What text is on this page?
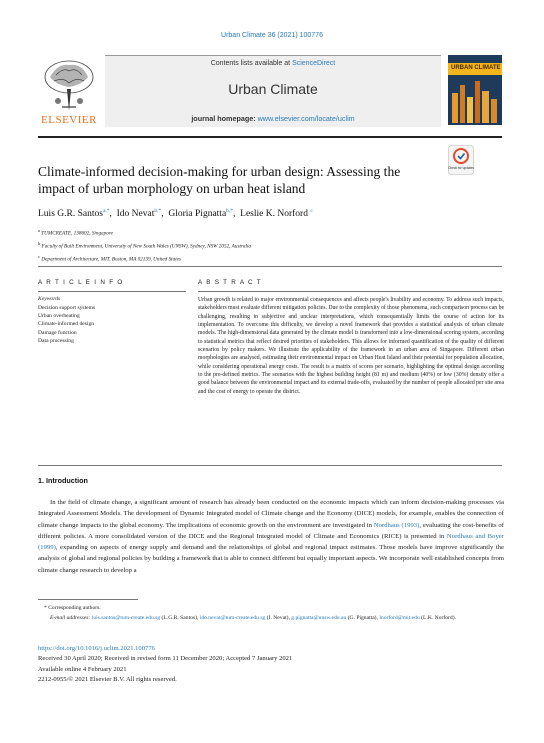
Urban Climate 36 (2021) 100776
Contents lists available at ScienceDirect
Urban Climate
journal homepage: www.elsevier.com/locate/uclim
ELSEVIER
URBAN CLIMATE
Climate-informed decision-making for urban design: Assessing the impact of urban morphology on urban heat island
Check for updates
Luis G.R. Santos$^{a,*}$,  Ido Nevat$^{b,*}$,  Gloria Pignatta$^{b,*}$,  Leslie K. Norford $^c$
$^a$ TUMCREATE, 138602, Singapore
$^b$ Faculty of Built Environment, University of New South Wales (UNSW), Sydney, NSW 2052, Australia
$^c$ Department of Architecture, MIT, Boston, MA 02139, United States
A R T I C L E I N F O	A B S T R A C T
Keywords
Decision support systems
Urban overheating
Climate-informed design
Damage function
Data processing
Urban growth is related to major environmental consequences and affects people's livability and economy. To address such impacts, stakeholders must evaluate different mitigation policies. Due to the complexity of those phenomena, such comparison process can be challenging, resulting in subjective and unclear interpretations, which consequentially limits the course of action for its implementation. To overcome this difficulty, we develop a novel framework that provides a statistical analysis of urban climate models. The high-dimensional data generated by the climate model is transformed into a low-dimensional scoring system, according to statistical metrics that reflect desired priorities of stakeholders. This allows for informed quantification of the quality of different scenarios by policy makers. We illustrate the applicability of the framework in an urban area of Singapore. Different urban morphologies are analysed, estimating their environmental impact on Urban Heat Island and their potential for population allocation, while considering operational energy costs. The result is a matrix of scores per scenario, highlighting the optimal design according to the pre-defined metrics. The scenarios with the highest building height (81 m) and medium (40%) or low (30%) density offer a good balance between the environmental impact and its external trade-offs, evaluated by the number of people allocated per site area and the cost of energy to operate the district.
1. Introduction
In the field of climate change, a significant amount of research has already been conducted on the economic impacts which can inform decision-making processes via Integrated Assessment Models. The development of Dynamic Integrated model of Climate change and the Economy (DICE) models, for example, enables the connection of climate change impacts to the global economy. The implications of economic growth on the environment are investigated in Nordhaus (1993), evaluating the cost-benefits of different policies. A more consolidated version of the DICE and the Regional Integrated model of Climate and Economics (RICE) is presented in Nordhaus and Boyer (1999), expanding on aspects of energy supply and demand and the relationships of global and regional impact estimates. Those models have improve significantly the analysis of global and regional policies by building a framework that is able to connect different but equally important aspects. We incorporate well established concepts from climate change research to develop a
* Corresponding authors.
E-mail addresses: luis.santos@tum-create.edu.sg (L.G.R. Santos), ido.nevat@tum-create.edu.sg (I. Nevat), g.pignatta@unsw.edu.au (G. Pignatta), lnorford@mit.edu (L.K. Norford).
https://doi.org/10.1016/j.uclim.2021.100776
Received 30 April 2020; Received in revised form 11 December 2020; Accepted 7 January 2021
Available online 4 February 2021
2212-0955/© 2021 Elsevier B.V. All rights reserved.
